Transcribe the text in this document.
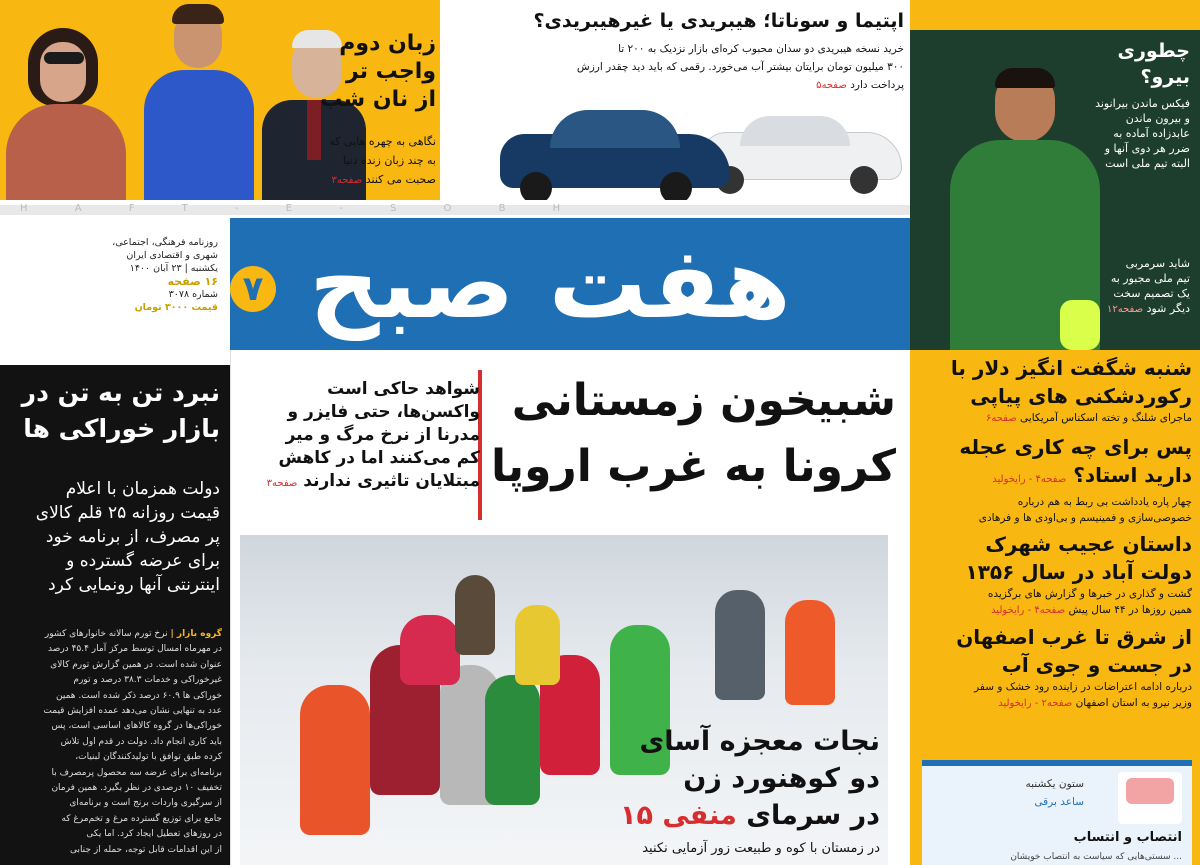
زبان دوم
واجب تر
از نان شب
نگاهی به چهره هایی که
به چند زبان زنده دنیا
صحبت می کنند صفحه۳
اپتیما و سوناتا؛ هیبریدی یا غیرهیبریدی؟
خرید نسخه هیبریدی دو سدان محبوب کره‌ای بازار نزدیک به ۲۰۰ تا
۳۰۰ میلیون تومان برایتان بیشتر آب می‌خورد. رقمی که باید دید چقدر ارزش
پرداخت دارد صفحه۵
H A F T - E - S O B H
هفت صبح
٧
روزنامه فرهنگی، اجتماعی،
شهری و اقتصادی ایران
یکشنبه | ۲۳ آبان ۱۴۰۰
۱۶ صفحه
شماره ۳۰۷۸
قیمت ۳۰۰۰ تومان
چطوری
بیرو؟
فیکس ماندن بیرانوند
و بیرون ماندن
عابدزاده آماده به
ضرر هر دوی آنها و
البته تیم ملی است
شاید سرمربی
تیم ملی مجبور به
یک تصمیم سخت
دیگر شود صفحه۱۲
شنبه شگفت انگیز دلار با
رکوردشکنی های پیاپی
ماجرای شلنگ و تخته اسکناس آمریکایی صفحه۶
پس برای چه کاری عجله
دارید استاد؟ صفحه۴ - رایخولید
چهار پاره یادداشت بی ربط به هم درباره
خصوصی‌سازی و فمینیسم و بی‌اودی ها و فرهادی
داستان عجیب شهرک
دولت آباد در سال ۱۳۵۶
گشت و گذاری در خبرها و گزارش های برگزیده
همین روزها در ۴۴ سال پیش صفحه۴ - رایخولید
از شرق تا غرب اصفهان
در جست و جوی آب
درباره ادامه اعتراضات در زاینده رود خشک و سفر
وزیر نیرو به استان اصفهان صفحه۲ - رایخولید
ستون یکشنبه
ساعد برقی
انتصاب و انتساب
... سستی‌هایی که سیاست به انتصاب خویشان
شبیخون زمستانی
کرونا به غرب اروپا
شواهد حاکی است
واکسن‌ها، حتی فایزر و
مدرنا از نرخ مرگ و میر
کم می‌کنند اما در کاهش
مبتلایان تاثیری ندارند صفحه۳
نبرد تن به تن در
بازار خوراکی ها
دولت همزمان با اعلام
قیمت روزانه ۲۵ قلم کالای
پر مصرف، از برنامه خود
برای عرضه گسترده و
اینترنتی آنها رونمایی کرد
گروه بازار | نرخ تورم سالانه خانوارهای کشور
در مهرماه امسال توسط مرکز آمار ۴۵.۴ درصد
عنوان شده است. در همین گزارش تورم کالای
غیرخوراکی و خدمات ۳۸.۳ درصد و تورم
خوراکی ها ۶۰.۹ درصد ذکر شده است. همین
عدد به تنهایی نشان می‌دهد عمده افزایش قیمت
خوراکی‌ها در گروه کالاهای اساسی است، پس
باید کاری انجام داد. دولت در قدم اول تلاش
کرده طبق توافق با تولیدکنندگان لبنیات،
برنامه‌ای برای عرضه سه محصول پرمصرف با
تخفیف ۱۰ درصدی در نظر بگیرد. همین فرمان
از سرگیری واردات برنج است و برنامه‌ای
جامع برای توزیع گسترده مرغ و تخم‌مرغ که
در روزهای تعطیل ایجاد کرد. اما یکی
از این اقدامات قابل توجه، حمله از جنابی
نجات معجزه آسای
دو کوهنورد زن
در سرمای منفی ۱۵
در زمستان با کوه و طبیعت زور آزمایی نکنید
